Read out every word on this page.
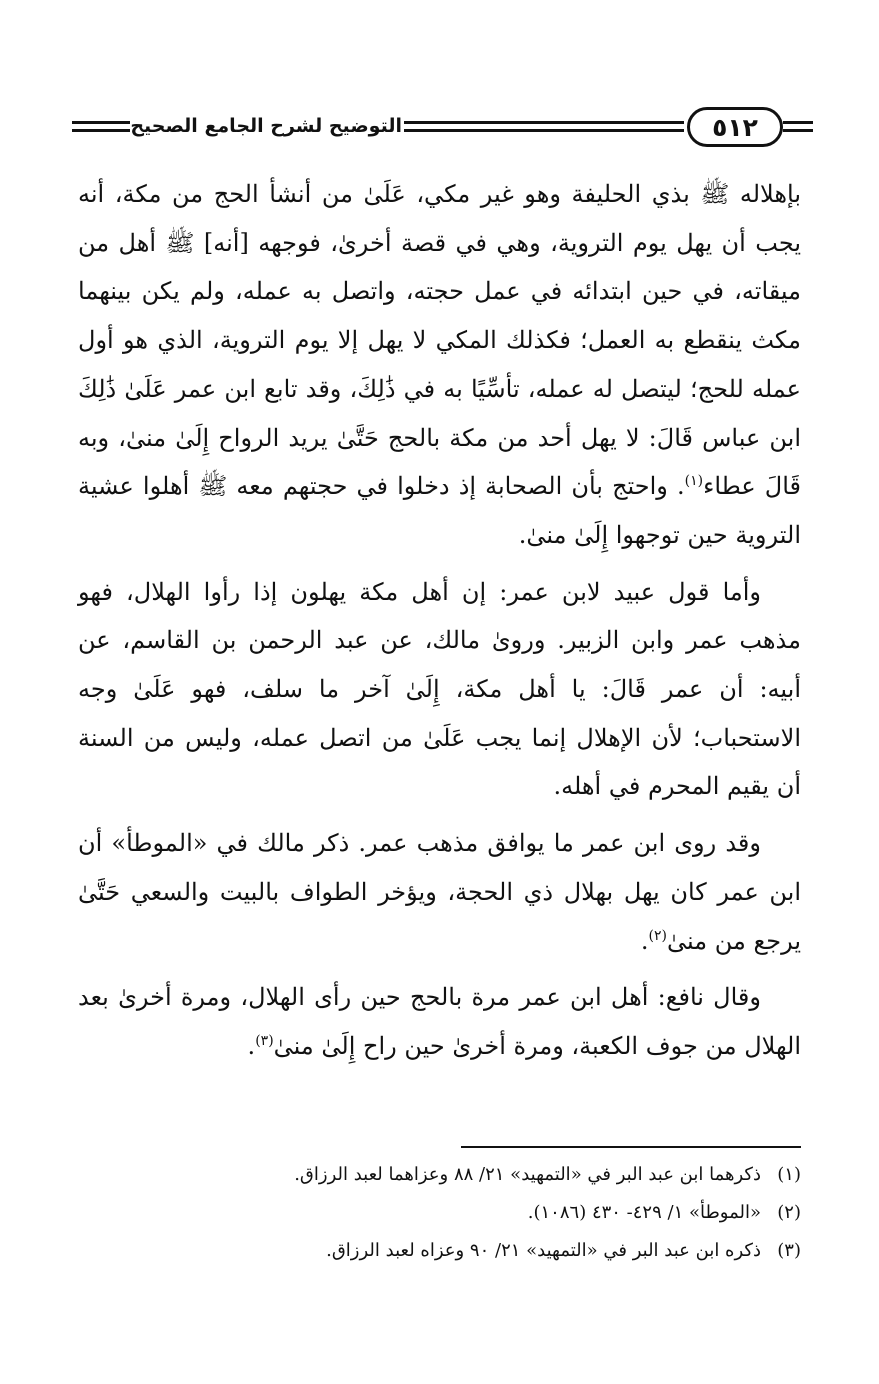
٥١٢
التوضيح لشرح الجامع الصحيح

بإهلاله ﷺ بذي الحليفة وهو غير مكي، عَلَىٰ من أنشأ الحج من مكة، أنه يجب أن يهل يوم التروية، وهي في قصة أخرىٰ، فوجهه [أنه] ﷺ أهل من ميقاته، في حين ابتدائه في عمل حجته، واتصل به عمله، ولم يكن بينهما مكث ينقطع به العمل؛ فكذلك المكي لا يهل إلا يوم التروية، الذي هو أول عمله للحج؛ ليتصل له عمله، تأسِّيًا به في ذَٰلِكَ، وقد تابع ابن عمر عَلَىٰ ذَٰلِكَ ابن عباس قَالَ: لا يهل أحد من مكة بالحج حَتَّىٰ يريد الرواح إِلَىٰ منىٰ، وبه قَالَ عطاء$^{(١)}$. واحتج بأن الصحابة إذ دخلوا في حجتهم معه ﷺ أهلوا عشية التروية حين توجهوا إِلَىٰ منىٰ.

وأما قول عبيد لابن عمر: إن أهل مكة يهلون إذا رأوا الهلال، فهو مذهب عمر وابن الزبير. وروىٰ مالك، عن عبد الرحمن بن القاسم، عن أبيه: أن عمر قَالَ: يا أهل مكة، إِلَىٰ آخر ما سلف، فهو عَلَىٰ وجه الاستحباب؛ لأن الإهلال إنما يجب عَلَىٰ من اتصل عمله، وليس من السنة أن يقيم المحرم في أهله.

وقد روى ابن عمر ما يوافق مذهب عمر. ذكر مالك في «الموطأ» أن ابن عمر كان يهل بهلال ذي الحجة، ويؤخر الطواف بالبيت والسعي حَتَّىٰ يرجع من منىٰ$^{(٢)}$.

وقال نافع: أهل ابن عمر مرة بالحج حين رأى الهلال، ومرة أخرىٰ بعد الهلال من جوف الكعبة، ومرة أخرىٰ حين راح إِلَىٰ منىٰ$^{(٣)}$.

(١)
ذكرهما ابن عبد البر في «التمهيد» ٢١/ ٨٨ وعزاهما لعبد الرزاق.
(٢)
«الموطأ» ١/ ٤٢٩- ٤٣٠ (١٠٨٦).
(٣)
ذكره ابن عبد البر في «التمهيد» ٢١/ ٩٠ وعزاه لعبد الرزاق.
